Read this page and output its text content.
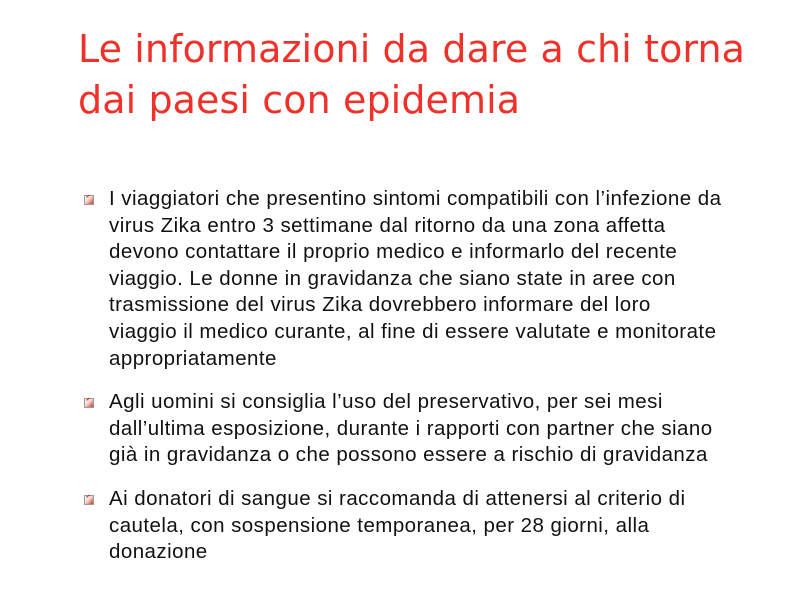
Le informazioni da dare a chi torna dai paesi con epidemia
I viaggiatori che presentino sintomi compatibili con l’infezione da virus Zika entro 3 settimane dal ritorno da una zona affetta devono contattare il proprio medico e informarlo del recente viaggio. Le donne in gravidanza che siano state in aree con trasmissione del virus Zika dovrebbero informare del loro viaggio il medico curante, al fine di essere valutate e monitorate appropriatamente
Agli uomini si consiglia l’uso del preservativo, per sei mesi dall’ultima esposizione, durante i rapporti con partner che siano già in gravidanza o che possono essere a rischio di gravidanza
Ai donatori di sangue si raccomanda di attenersi al criterio di cautela, con sospensione temporanea, per 28 giorni, alla donazione
